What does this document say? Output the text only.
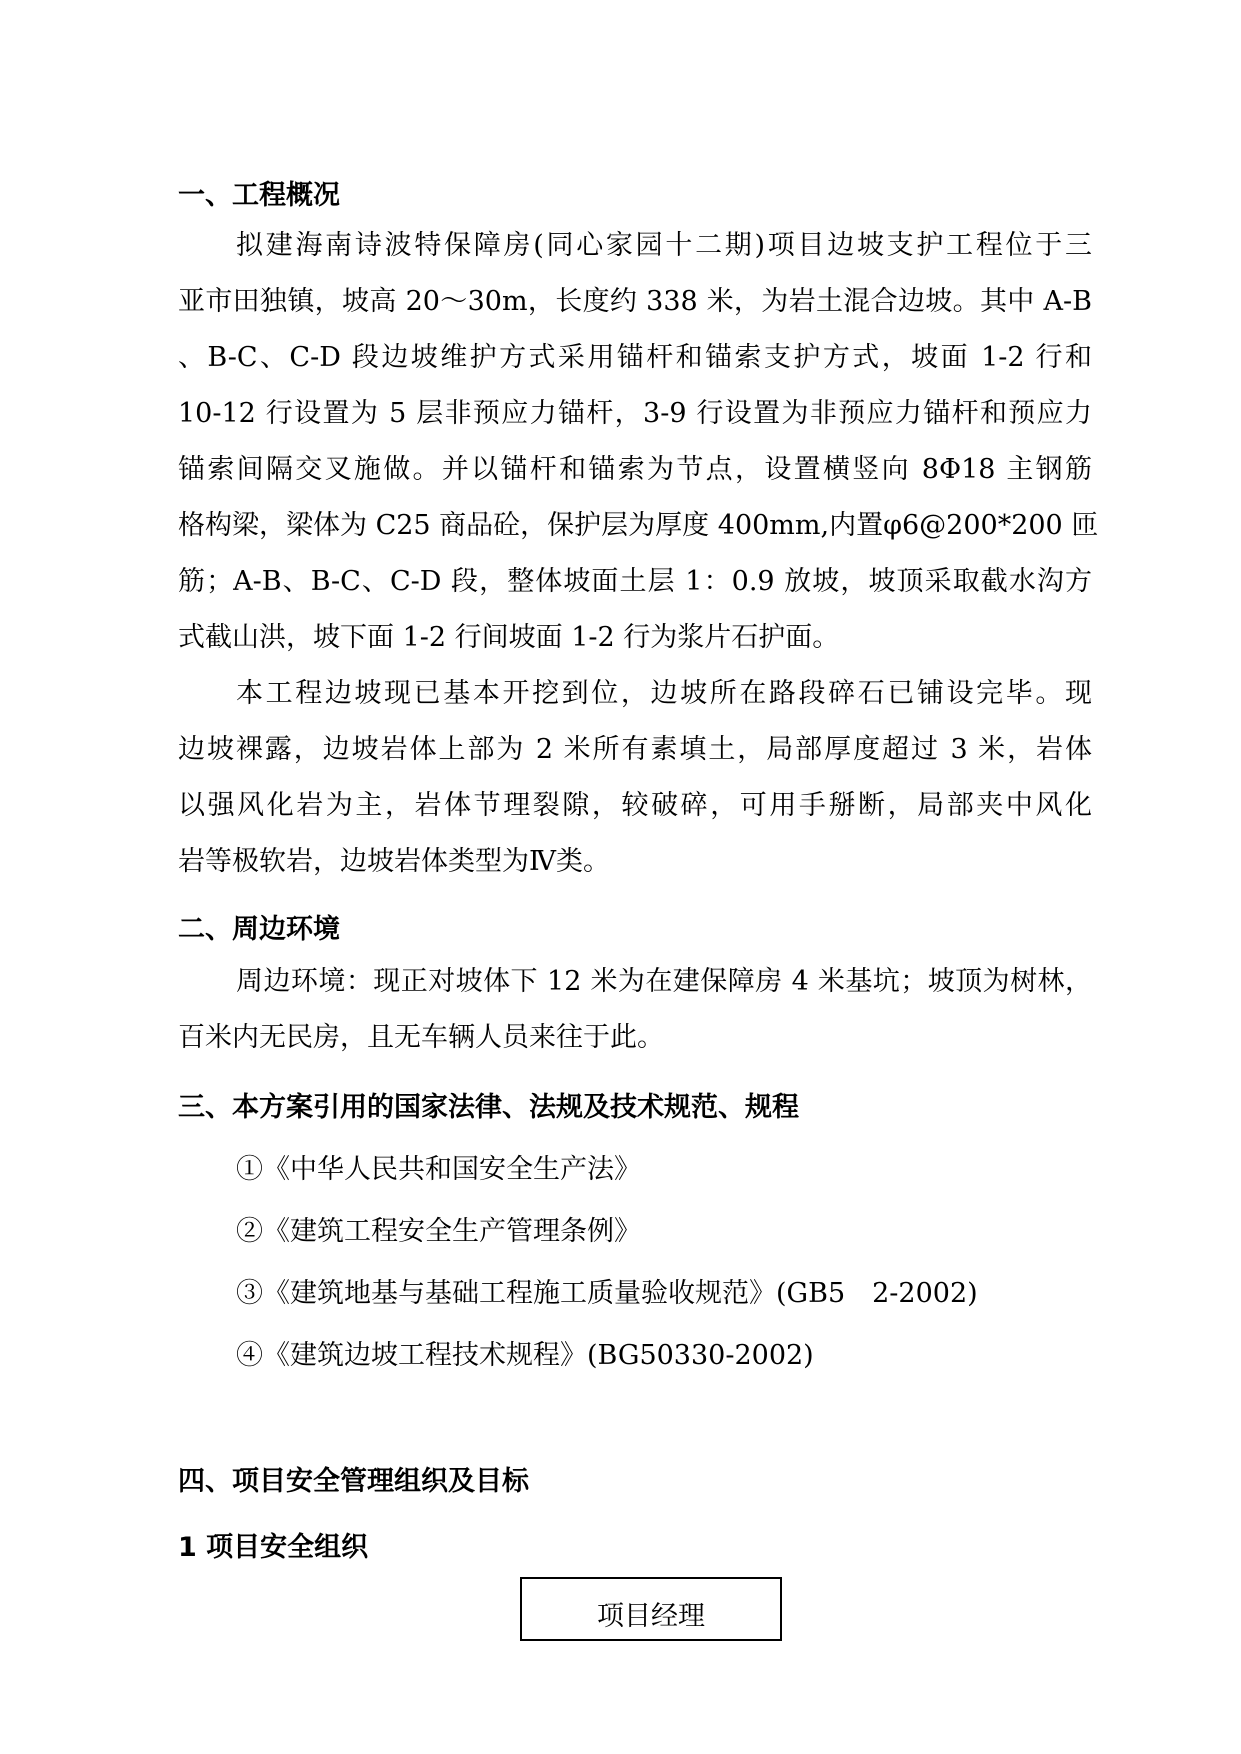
一、工程概况
拟建海南诗波特保障房(同心家园十二期)项目边坡支护工程位于三
亚市田独镇，坡高 20～30m，长度约 338 米，为岩土混合边坡。其中 A-B
、B-C、C-D 段边坡维护方式采用锚杆和锚索支护方式，坡面 1-2 行和
10-12 行设置为 5 层非预应力锚杆，3-9 行设置为非预应力锚杆和预应力
锚索间隔交叉施做。并以锚杆和锚索为节点，设置横竖向 8Φ18 主钢筋
格构梁，梁体为 C25 商品砼，保护层为厚度 400mm,内置φ6@200*200 匝
筋；A-B、B-C、C-D 段，整体坡面土层 1：0.9 放坡，坡顶采取截水沟方
式截山洪，坡下面 1-2 行间坡面 1-2 行为浆片石护面。
本工程边坡现已基本开挖到位，边坡所在路段碎石已铺设完毕。现
边坡裸露，边坡岩体上部为 2 米所有素填土，局部厚度超过 3 米，岩体
以强风化岩为主，岩体节理裂隙，较破碎，可用手掰断，局部夹中风化
岩等极软岩，边坡岩体类型为Ⅳ类。
二、周边环境
周边环境：现正对坡体下 12 米为在建保障房 4 米基坑；坡顶为树林，
百米内无民房，且无车辆人员来往于此。
三、本方案引用的国家法律、法规及技术规范、规程
①《中华人民共和国安全生产法》
②《建筑工程安全生产管理条例》
③《建筑地基与基础工程施工质量验收规范》(GB5　2-2002)
④《建筑边坡工程技术规程》(BG50330-2002)
四、项目安全管理组织及目标
1 项目安全组织
项目经理
